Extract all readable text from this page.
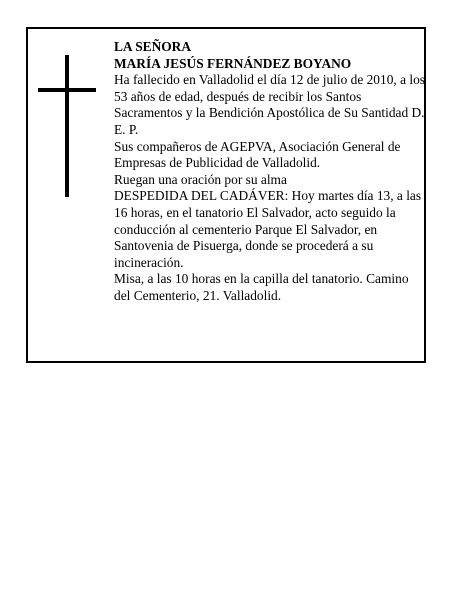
LA SEÑORA

MARÍA JESÚS FERNÁNDEZ BOYANO

Ha fallecido en Valladolid el día 12 de julio de 2010, a los 53 años de edad, después de recibir los Santos Sacramentos y la Bendición Apostólica de Su Santidad D. E. P.

Sus compañeros de AGEPVA, Asociación General de Empresas de Publicidad de Valladolid.

Ruegan una oración por su alma

DESPEDIDA DEL CADÁVER: Hoy martes día 13, a las 16 horas, en el tanatorio El Salvador, acto seguido la conducción al cementerio Parque El Salvador, en Santovenia de Pisuerga, donde se procederá a su incineración.

Misa, a las 10 horas en la capilla del tanatorio. Camino del Cementerio, 21. Valladolid.
